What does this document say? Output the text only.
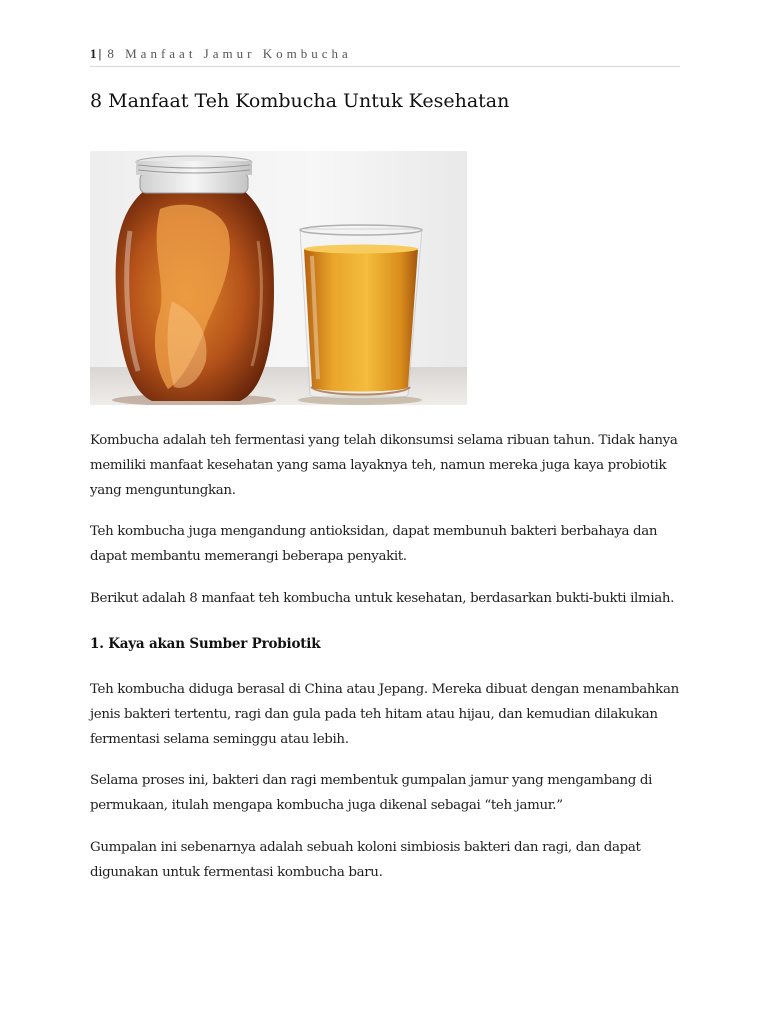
1| 8 Manfaat Jamur Kombucha
8 Manfaat Teh Kombucha Untuk Kesehatan

Kombucha adalah teh fermentasi yang telah dikonsumsi selama ribuan tahun. Tidak hanya memiliki manfaat kesehatan yang sama layaknya teh, namun mereka juga kaya probiotik yang menguntungkan.

Teh kombucha juga mengandung antioksidan, dapat membunuh bakteri berbahaya dan dapat membantu memerangi beberapa penyakit.

Berikut adalah 8 manfaat teh kombucha untuk kesehatan, berdasarkan bukti-bukti ilmiah.

1. Kaya akan Sumber Probiotik

Teh kombucha diduga berasal di China atau Jepang. Mereka dibuat dengan menambahkan jenis bakteri tertentu, ragi dan gula pada teh hitam atau hijau, dan kemudian dilakukan fermentasi selama seminggu atau lebih.

Selama proses ini, bakteri dan ragi membentuk gumpalan jamur yang mengambang di permukaan, itulah mengapa kombucha juga dikenal sebagai “teh jamur.”

Gumpalan ini sebenarnya adalah sebuah koloni simbiosis bakteri dan ragi, dan dapat digunakan untuk fermentasi kombucha baru.
